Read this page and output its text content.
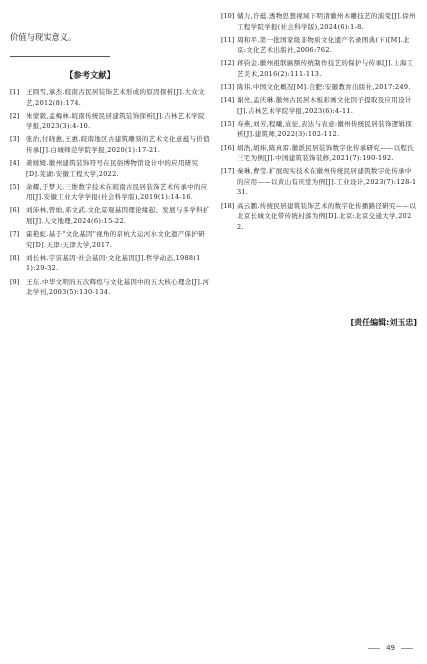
价值与现实意义。

【参考文献】
[1]	王圆雪,承杰.皖南古民居装饰艺术形成的原因探析[J].大众文艺,2012(8):174.
[2]	朱蒙毅,孟梅林.皖南传统民居建筑装饰探析[J].吉林艺术学院学报,2023(3):4-10.
[3]	张治,付晓惠,王惠.皖南地区古建筑雕刻的艺术文化意蕴与价值传承[J].白城师范学院学报,2020(1):17-21.
[4]	姜媛媛.徽州建筑装饰符号在民俗博物馆设计中的应用研究[D].芜湖:安徽工程大学,2022.
[5]	余耀,于梦天.三维数字技术在皖南古民居装饰艺术传承中的应用[J].安徽工业大学学报(社会科学版),2019(1):14-16.
[6]	刘沛林,曾灿,邓文武.文化景观基因理论缘起、发展与多学科扩展[J].人文地理,2024(6):15-22.
[7]	霍艳虹.基于"文化基因"视角的京杭大运河水文化遗产保护研究[D].天津:天津大学,2017.
[8]	刘长林.宇宙基因·社会基因·文化基因[J].哲学动态,1988(11):29-32.
[9]	王东.中华文明的五次辉煌与文化基因中的五大核心理念[J].河北学刊,2003(5):130-134.
[10] 储力,许蕴.透物思想视域下明清徽州木雕技艺的演变[J].徐州工程学院学报(社会科学版),2024(6):1-8.
[11] 周和平.第一批国家级非物质文化遗产名录图典(下)[M].北京:文化艺术出版社,2006:762.
[12] 蒋钧金.徽州祖联匾额传统制作技艺的保护与传承[J].上海工艺美术,2016(2):111-113.
[13] 陈伟.中国文化概况[M].合肥:安徽教育出版社,2017:249.
[14] 谢亮,孟庆琳.徽州古民居木板彩画文化因子提取及应用设计[J].吉林艺术学院学报,2023(6):4-11.
[15] 寿燕,刘芳,程曦,袁征,表达与表意:徽州传统民居装饰逻辑探析[J].建筑师,2022(3):102-112.
[16] 胡浩,胡炜,陈真雷.徽派民居装饰数字化传承研究——以程氏三宅为例[J].中国建筑装饰装修,2021(7):190-192.
[17] 秦琳,曹莹.扩展现实技术在徽州传统民居建筑数字化传承中的应用——以黄山有庆堂为例[J].工业设计,2023(7):128-131.
[18] 高云鹏.传统民居建筑装饰艺术的数字化传播路径研究——以北京长城文化带传统村落为例[D].北京:北京交通大学,2022.
[责任编辑:刘玉忠]
49
